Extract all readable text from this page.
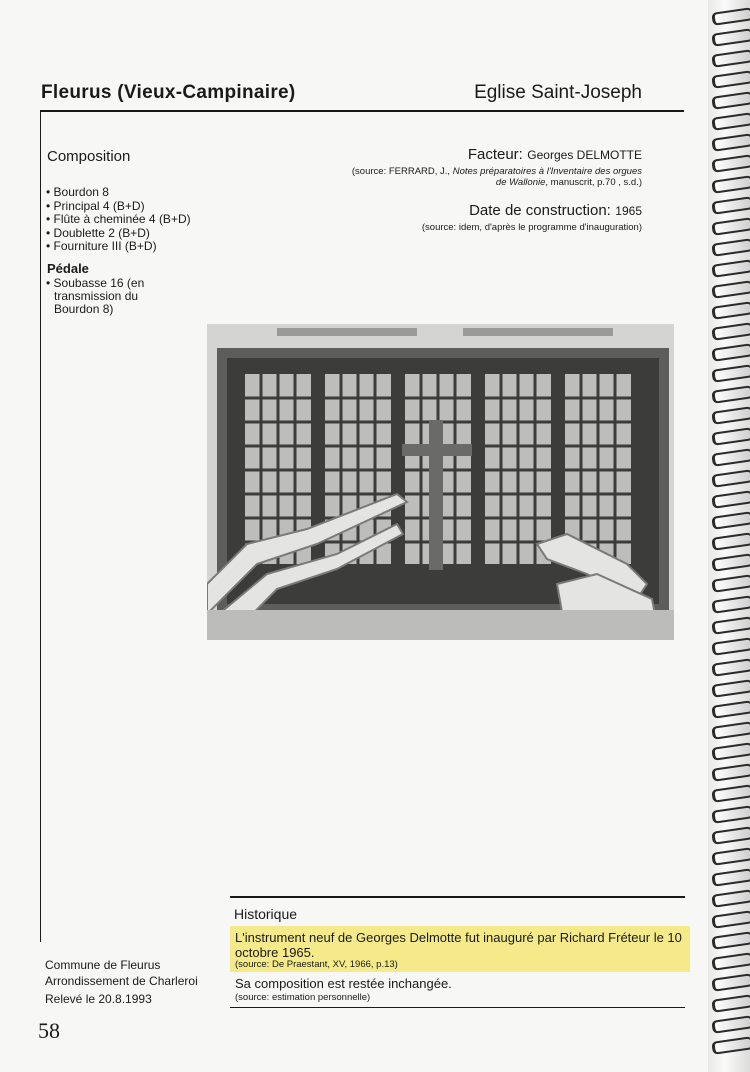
Fleurus (Vieux-Campinaire)	Eglise Saint-Joseph
Composition
• Bourdon 8
• Principal 4 (B+D)
• Flûte à cheminée 4 (B+D)
• Doublette 2 (B+D)
• Fourniture III (B+D)
Pédale
• Soubasse 16 (en
transmission du
Bourdon 8)
Facteur: Georges DELMOTTE
(source: FERRARD, J., Notes préparatoires à l'Inventaire des orgues
de Wallonie, manuscrit, p.70 , s.d.)
Date de construction: 1965
(source: idem, d'après le programme d'inauguration)
Historique
L'instrument neuf de Georges Delmotte fut inauguré par Richard Fréteur le 10 octobre 1965.
(source: De Praestant, XV, 1966, p.13)
Sa composition est restée inchangée.
(source: estimation personnelle)
Commune de Fleurus
Arrondissement de Charleroi
Relevé le 20.8.1993
58
